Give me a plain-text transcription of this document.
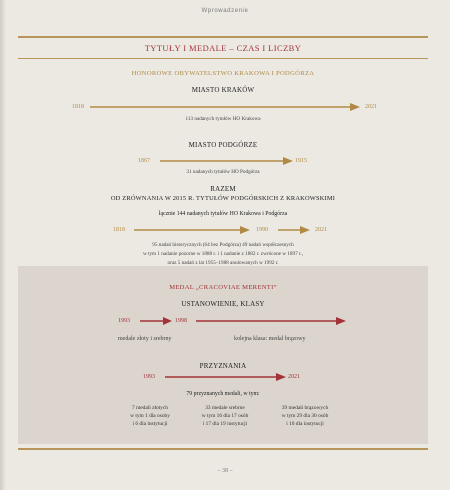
Wprowadzenie
TYTUŁY I MEDALE – CZAS I LICZBY
HONOROWE OBYWATELSTWO KRAKOWA I PODGÓRZA
MIASTO KRAKÓW
1818	2021
113 nadanych tytułów HO Krakowa
MIASTO PODGÓRZE
1867	1915
31 nadanych tytułów HO Podgórza
RAZEM
OD ZRÓWNANIA W 2015 R. TYTUŁÓW PODGÓRSKICH Z KRAKOWSKIMI
łącznie 144 nadanych tytułów HO Krakowa i Podgórza
1818	1990	2021
95 nadań historycznych (64 bez Podgórza) 49 nadań współczesnych
w tym 1 nadanie pozorne w 1888 r. i 1 nadanie z 1882 r. zwrócone w 1897 r.,
oraz 5 nadań z lat 1955–1988 anulowanych w 1992 r.
MEDAL „CRACOVIAE MERENTI”
USTANOWIENIE, KLASY
1993	1998
medale złoty i srebrny	kolejna klasa: medal brązowy
PRZYZNANIA
1993	2021
79 przyznanych medali, w tym:
7 medali złotych
w tym 1 dla osoby
i 6 dla instytucji
33 medale srebrne
w tym 16 dla 17 osób
i 17 dla 19 instytucji
39 medali brązowych
w tym 29 dla 30 osób
i 10 dla instytucji
– 38 –
